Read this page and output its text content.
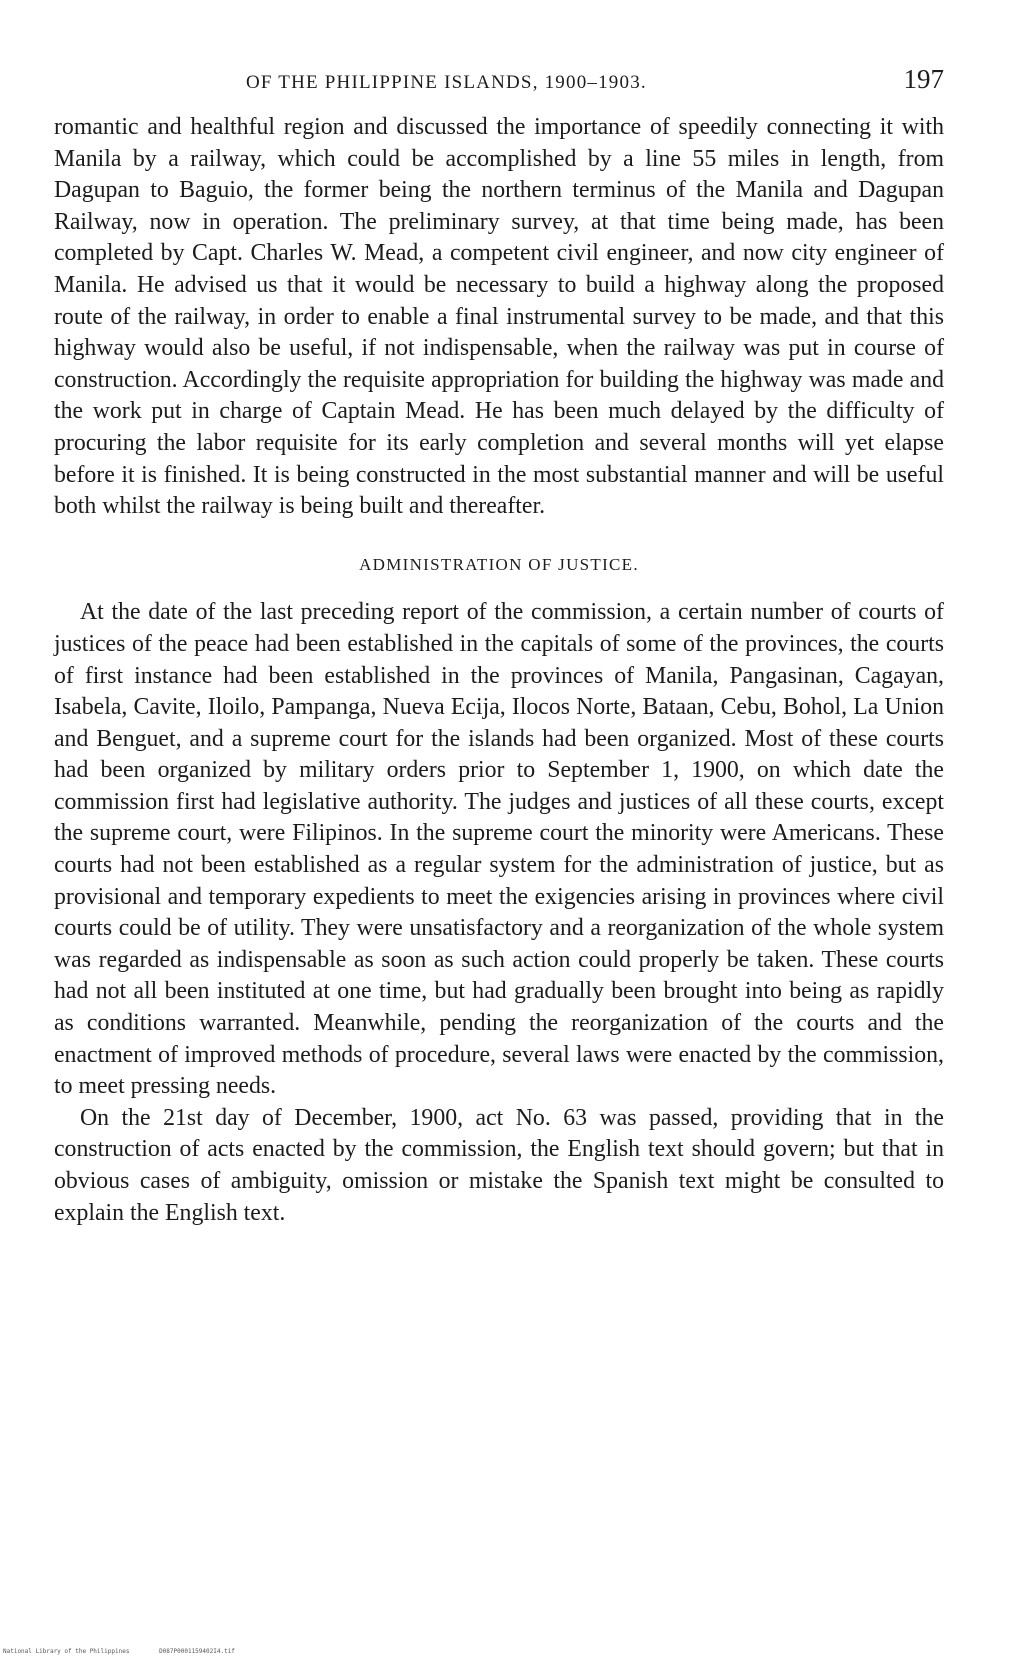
OF THE PHILIPPINE ISLANDS, 1900–1903.	197

romantic and healthful region and discussed the importance of speedily connecting it with Manila by a railway, which could be accomplished by a line 55 miles in length, from Dagupan to Baguio, the former being the northern terminus of the Manila and Dagupan Railway, now in operation. The preliminary survey, at that time being made, has been completed by Capt. Charles W. Mead, a competent civil engineer, and now city engineer of Manila. He advised us that it would be necessary to build a highway along the proposed route of the railway, in order to enable a final instrumental survey to be made, and that this highway would also be useful, if not indispensable, when the railway was put in course of construction. Accordingly the requisite appropriation for building the highway was made and the work put in charge of Captain Mead. He has been much delayed by the difficulty of procuring the labor requisite for its early completion and several months will yet elapse before it is finished. It is being constructed in the most substantial manner and will be useful both whilst the railway is being built and thereafter.

ADMINISTRATION OF JUSTICE.

At the date of the last preceding report of the commission, a certain number of courts of justices of the peace had been established in the capitals of some of the provinces, the courts of first instance had been established in the provinces of Manila, Pangasinan, Cagayan, Isabela, Cavite, Iloilo, Pampanga, Nueva Ecija, Ilocos Norte, Bataan, Cebu, Bohol, La Union and Benguet, and a supreme court for the islands had been organized. Most of these courts had been organized by military orders prior to September 1, 1900, on which date the commission first had legislative authority. The judges and justices of all these courts, except the supreme court, were Filipinos. In the supreme court the minority were Americans. These courts had not been established as a regular system for the administration of justice, but as provisional and temporary expedients to meet the exigencies arising in provinces where civil courts could be of utility. They were unsatisfactory and a reorganization of the whole system was regarded as indispensable as soon as such action could properly be taken. These courts had not all been instituted at one time, but had gradually been brought into being as rapidly as conditions warranted. Meanwhile, pending the reorganization of the courts and the enactment of improved methods of procedure, several laws were enacted by the commission, to meet pressing needs.

On the 21st day of December, 1900, act No. 63 was passed, providing that in the construction of acts enacted by the commission, the English text should govern; but that in obvious cases of ambiguity, omission or mistake the Spanish text might be consulted to explain the English text.

National Library of the Philippines	D087P0001159402I4.tif
